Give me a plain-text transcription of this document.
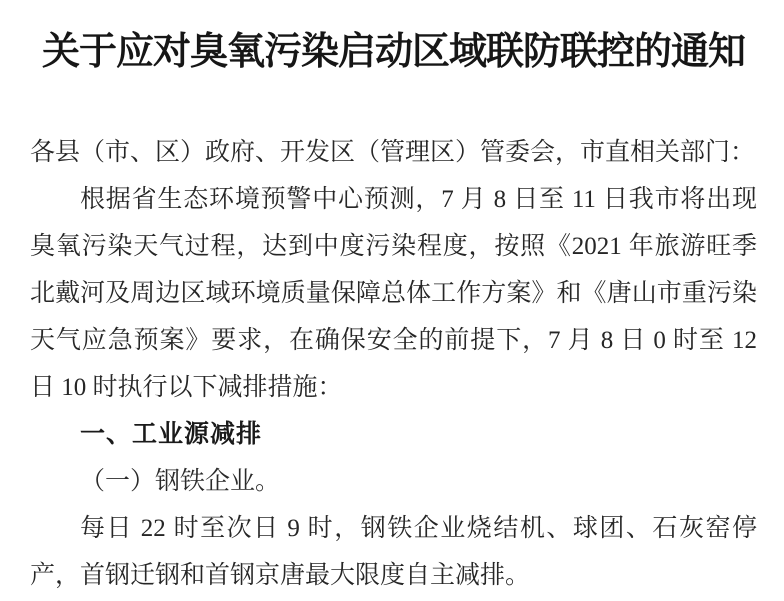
关于应对臭氧污染启动区域联防联控的通知

各县（市、区）政府、开发区（管理区）管委会，市直相关部门：

根据省生态环境预警中心预测，7 月 8 日至 11 日我市将出现臭氧污染天气过程，达到中度污染程度，按照《2021 年旅游旺季北戴河及周边区域环境质量保障总体工作方案》和《唐山市重污染天气应急预案》要求，在确保安全的前提下，7 月 8 日 0 时至 12 日 10 时执行以下减排措施：

一、工业源减排

（一）钢铁企业。

每日 22 时至次日 9 时，钢铁企业烧结机、球团、石灰窑停产，首钢迁钢和首钢京唐最大限度自主减排。
